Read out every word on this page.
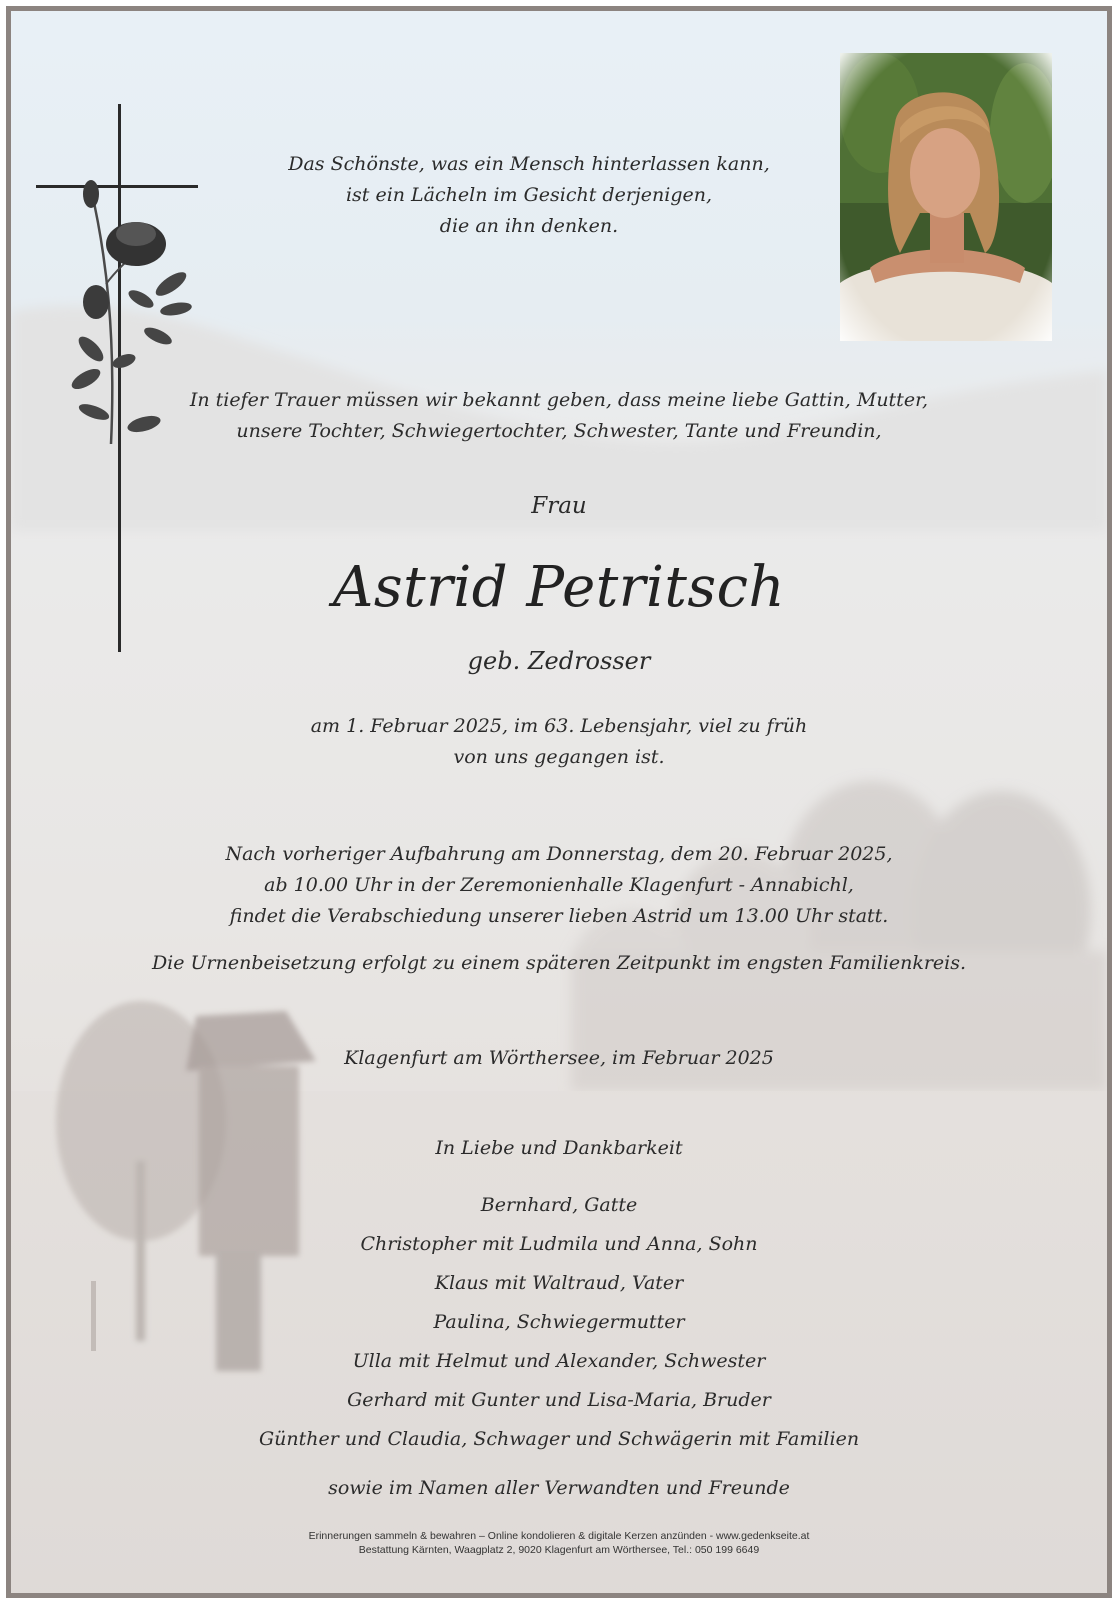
Das Schönste, was ein Mensch hinterlassen kann,
ist ein Lächeln im Gesicht derjenigen,
die an ihn denken.
In tiefer Trauer müssen wir bekannt geben, dass meine liebe Gattin, Mutter,
unsere Tochter, Schwiegertochter, Schwester, Tante und Freundin,
Frau
Astrid Petritsch
geb. Zedrosser
am 1. Februar 2025, im 63. Lebensjahr, viel zu früh
von uns gegangen ist.
Nach vorheriger Aufbahrung am Donnerstag, dem 20. Februar 2025,
ab 10.00 Uhr in der Zeremonienhalle Klagenfurt - Annabichl,
findet die Verabschiedung unserer lieben Astrid um 13.00 Uhr statt.
Die Urnenbeisetzung erfolgt zu einem späteren Zeitpunkt im engsten Familienkreis.
Klagenfurt am Wörthersee, im Februar 2025
In Liebe und Dankbarkeit
Bernhard, Gatte
Christopher mit Ludmila und Anna, Sohn
Klaus mit Waltraud, Vater
Paulina, Schwiegermutter
Ulla mit Helmut und Alexander, Schwester
Gerhard mit Gunter und Lisa-Maria, Bruder
Günther und Claudia, Schwager und Schwägerin mit Familien
sowie im Namen aller Verwandten und Freunde
Erinnerungen sammeln & bewahren – Online kondolieren & digitale Kerzen anzünden - www.gedenkseite.at
Bestattung Kärnten, Waagplatz 2, 9020 Klagenfurt am Wörthersee, Tel.: 050 199 6649
